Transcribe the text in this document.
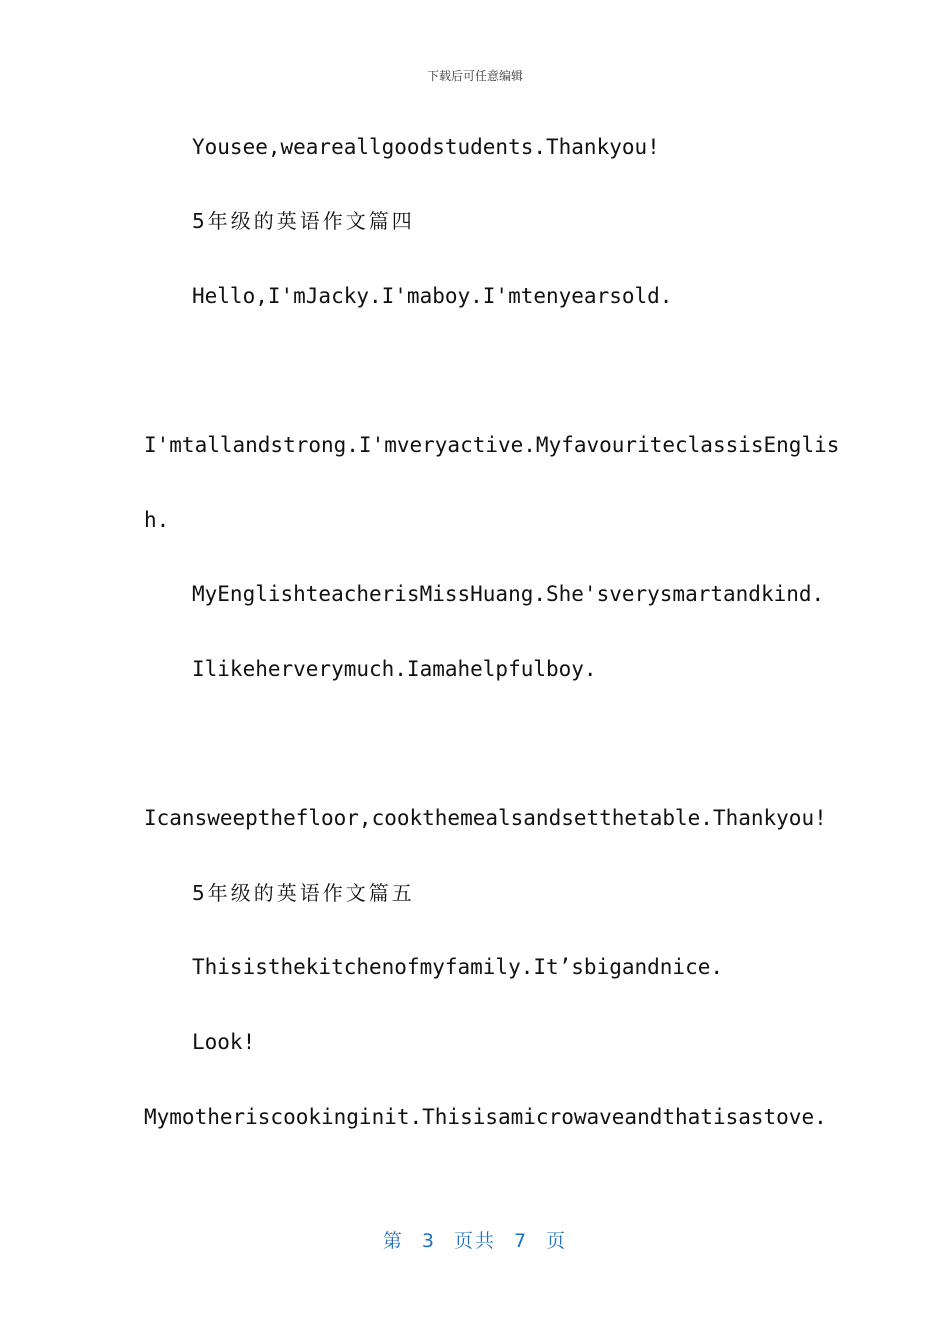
下载后可任意编辑
Yousee,weareallgoodstudents.Thankyou!
5年级的英语作文篇四
Hello,I'mJacky.I'maboy.I'mtenyearsold.
I'mtallandstrong.I'mveryactive.MyfavouriteclassisEnglis
h.
MyEnglishteacherisMissHuang.She'sverysmartandkind.
Ilikeherverymuch.Iamahelpfulboy.
Icansweepthefloor,cookthemealsandsetthetable.Thankyou!
5年级的英语作文篇五
Thisisthekitchenofmyfamily.It’sbigandnice.
Look!
Mymotheriscookinginit.Thisisamicrowaveandthatisastove.
第 3 页共 7 页
